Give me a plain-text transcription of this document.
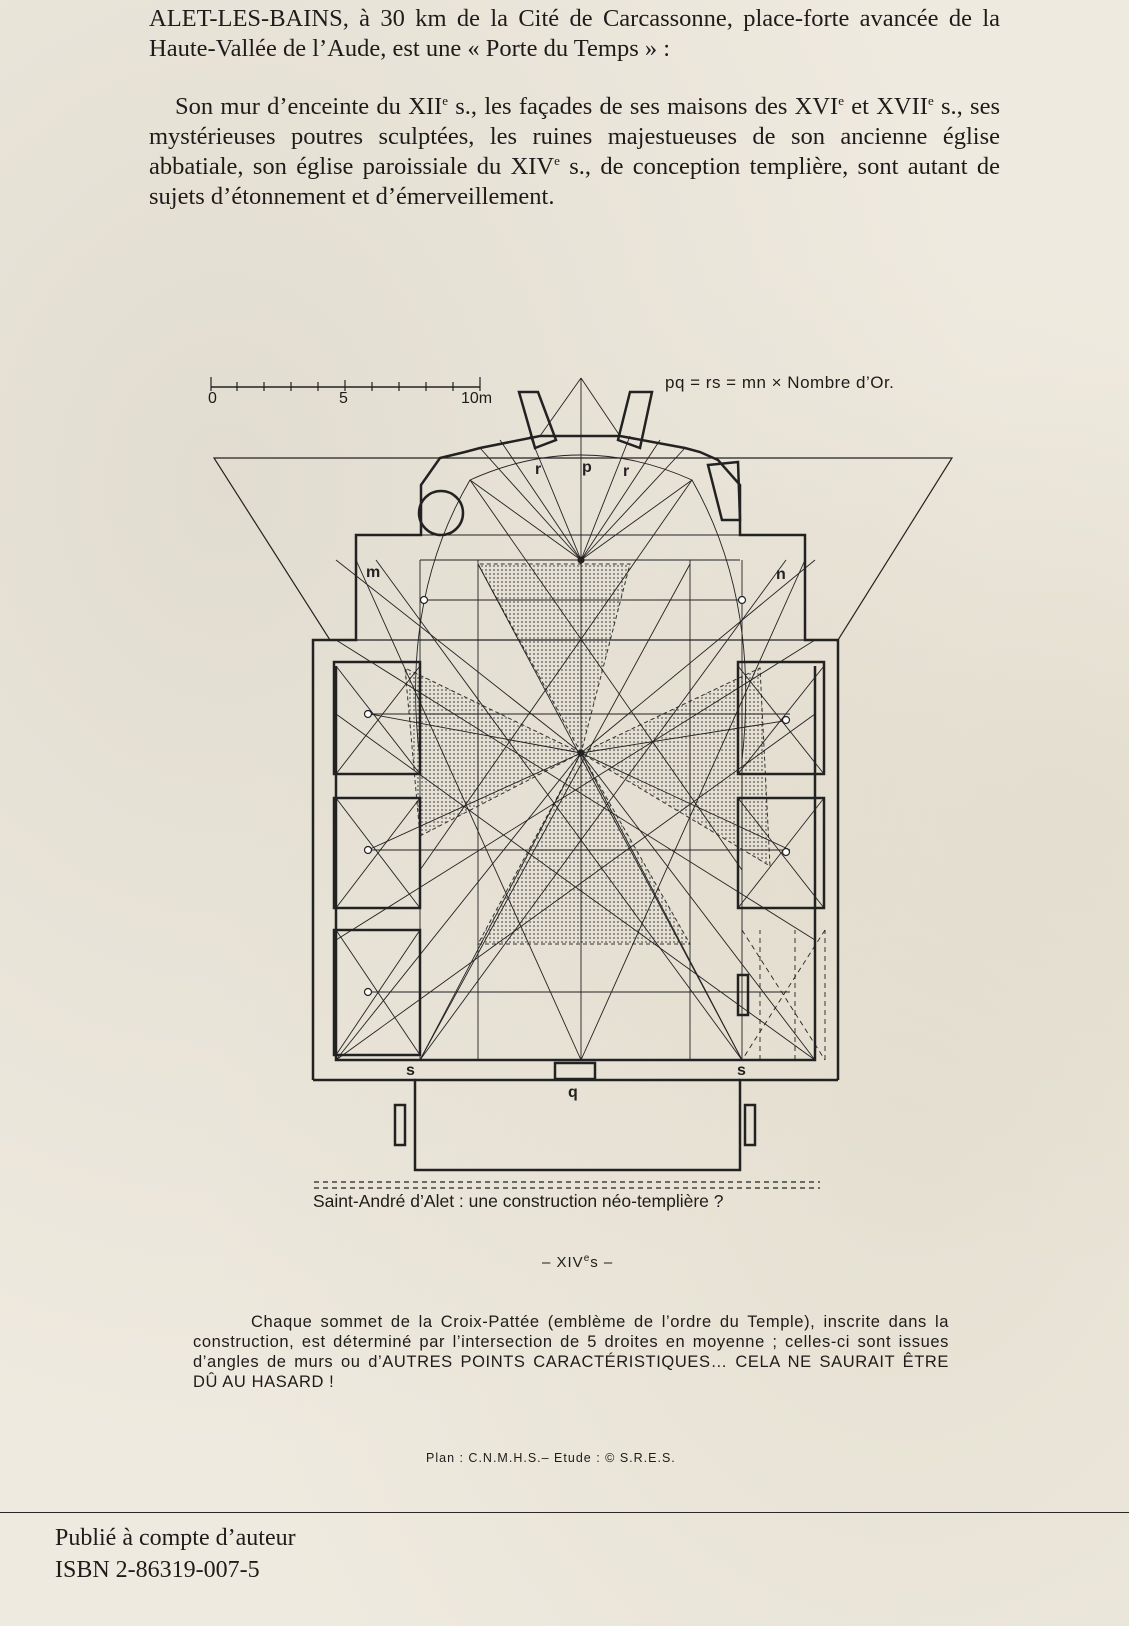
ALET-LES-BAINS, à 30 km de la Cité de Carcassonne, place-forte avancée de la Haute-Vallée de l’Aude, est une « Porte du Temps » :

Son mur d’enceinte du XIIe s., les façades de ses maisons des XVIe et XVIIe s., ses mystérieuses poutres sculptées, les ruines majestueuses de son ancienne église abbatiale, son église paroissiale du XIVe s., de conception templière, sont autant de sujets d’étonnement et d’émerveillement.

m	n
p
r	r
s	s
q
0	5	10m
pq = rs = mn × Nombre d’Or.
Saint-André d’Alet : une construction néo-templière ?
– XIVes –

Chaque sommet de la Croix-Pattée (emblème de l’ordre du Temple), inscrite dans la construction, est déterminé par l’intersection de 5 droites en moyenne ; celles-ci sont issues d’angles de murs ou d’AUTRES POINTS CARACTÉRISTIQUES… CELA NE SAURAIT ÊTRE DÛ AU HASARD !

Plan : C.N.M.H.S.– Etude : © S.R.E.S.
Publié à compte d’auteur
ISBN 2-86319-007-5
